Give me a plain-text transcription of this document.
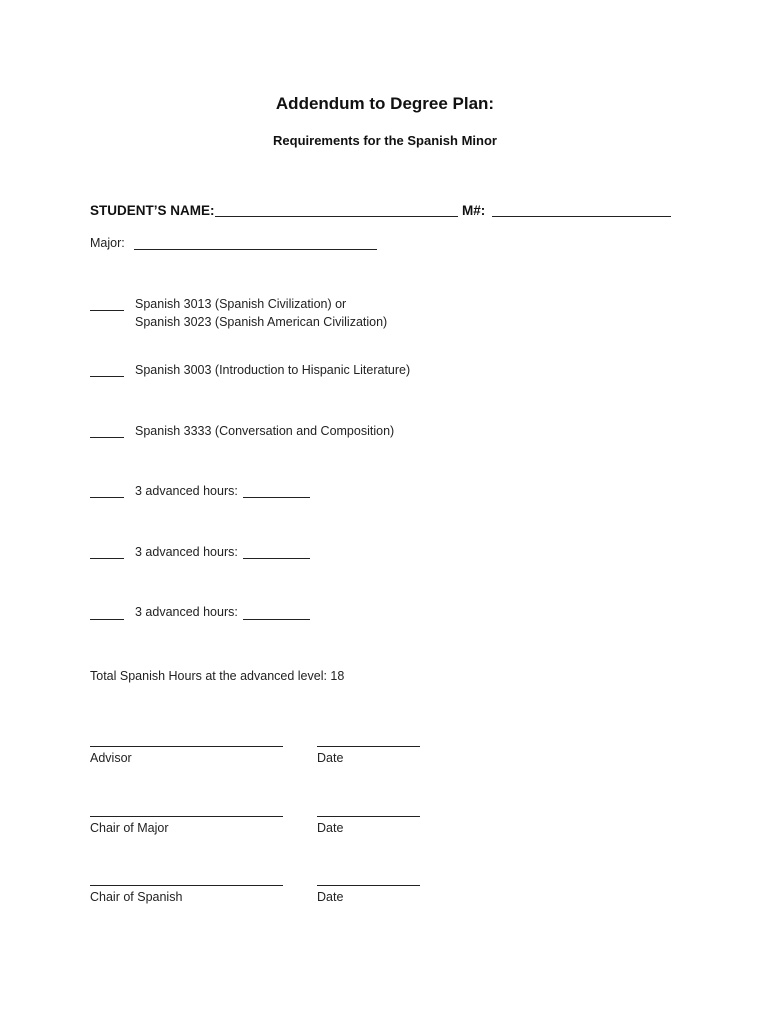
Addendum to Degree Plan:
Requirements for the Spanish Minor
STUDENT’S NAME:	M#:
Major:
Spanish 3013 (Spanish Civilization) or
Spanish 3023 (Spanish American Civilization)
Spanish 3003 (Introduction to Hispanic Literature)
Spanish 3333 (Conversation and Composition)
3 advanced hours:
3 advanced hours:
3 advanced hours:
Total Spanish Hours at the advanced level: 18
Advisor	Date
Chair of Major	Date
Chair of Spanish	Date
